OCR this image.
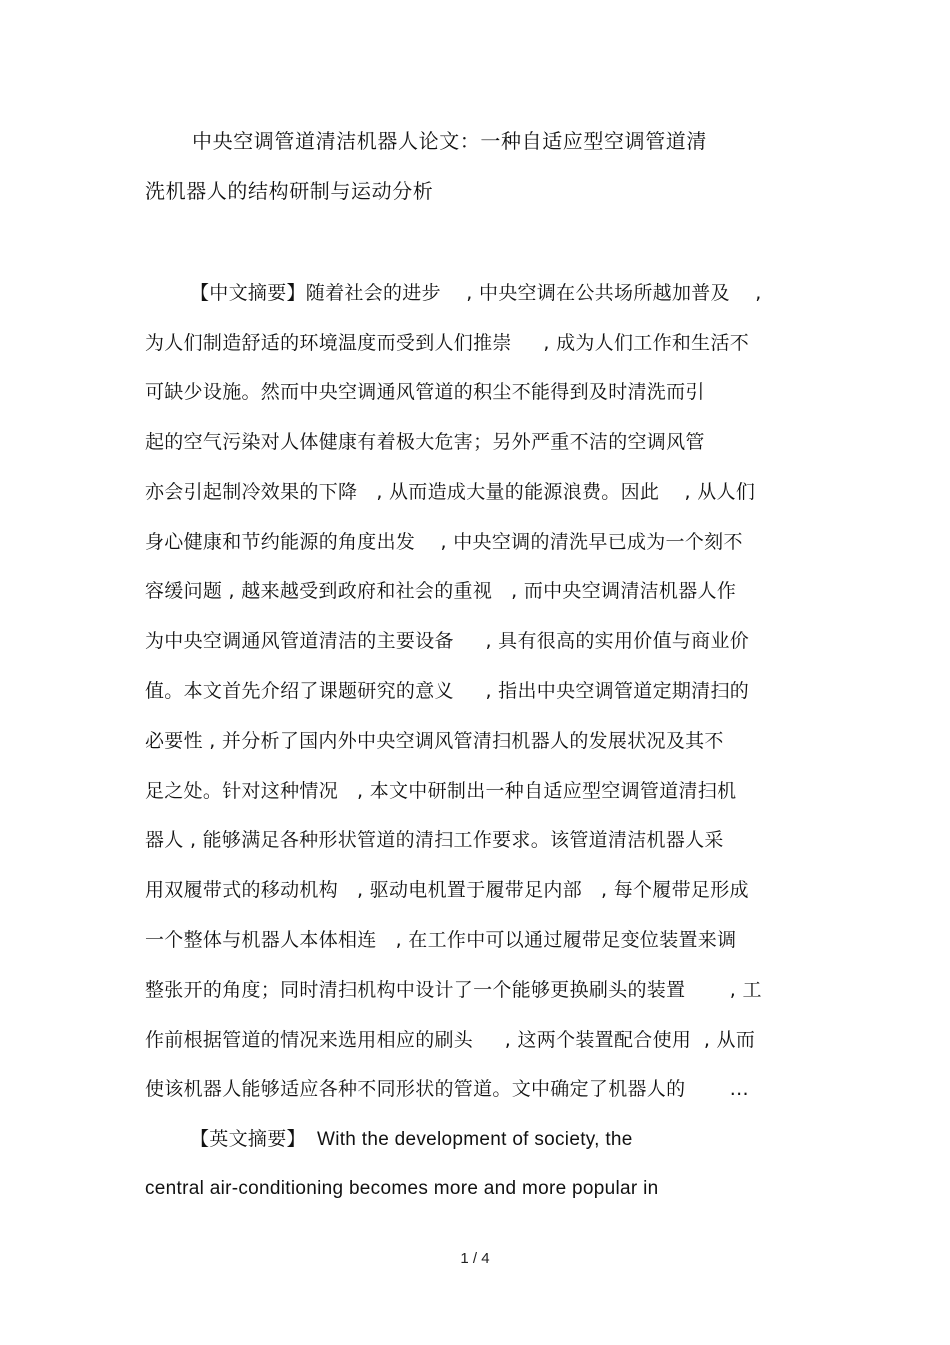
中央空调管道清洁机器人论文：一种自适应型空调管道清
洗机器人的结构研制与运动分析
【中文摘要】随着社会的进步    , 中央空调在公共场所越加普及    ,
为人们制造舒适的环境温度而受到人们推崇     , 成为人们工作和生活不
可缺少设施。然而中央空调通风管道的积尘不能得到及时清洗而引
起的空气污染对人体健康有着极大危害；另外严重不洁的空调风管
亦会引起制冷效果的下降   , 从而造成大量的能源浪费。因此    , 从人们
身心健康和节约能源的角度出发    , 中央空调的清洗早已成为一个刻不
容缓问题 , 越来越受到政府和社会的重视   , 而中央空调清洁机器人作
为中央空调通风管道清洁的主要设备     , 具有很高的实用价值与商业价
值。本文首先介绍了课题研究的意义     , 指出中央空调管道定期清扫的
必要性 , 并分析了国内外中央空调风管清扫机器人的发展状况及其不
足之处。针对这种情况   , 本文中研制出一种自适应型空调管道清扫机
器人 , 能够满足各种形状管道的清扫工作要求。该管道清洁机器人采
用双履带式的移动机构   , 驱动电机置于履带足内部   , 每个履带足形成
一个整体与机器人本体相连   , 在工作中可以通过履带足变位装置来调
整张开的角度；同时清扫机构中设计了一个能够更换刷头的装置       , 工
作前根据管道的情况来选用相应的刷头     , 这两个装置配合使用  , 从而
使该机器人能够适应各种不同形状的管道。文中确定了机器人的       ...
【英文摘要】  With the development of society, the
central air-conditioning becomes more and more popular in
1 / 4
